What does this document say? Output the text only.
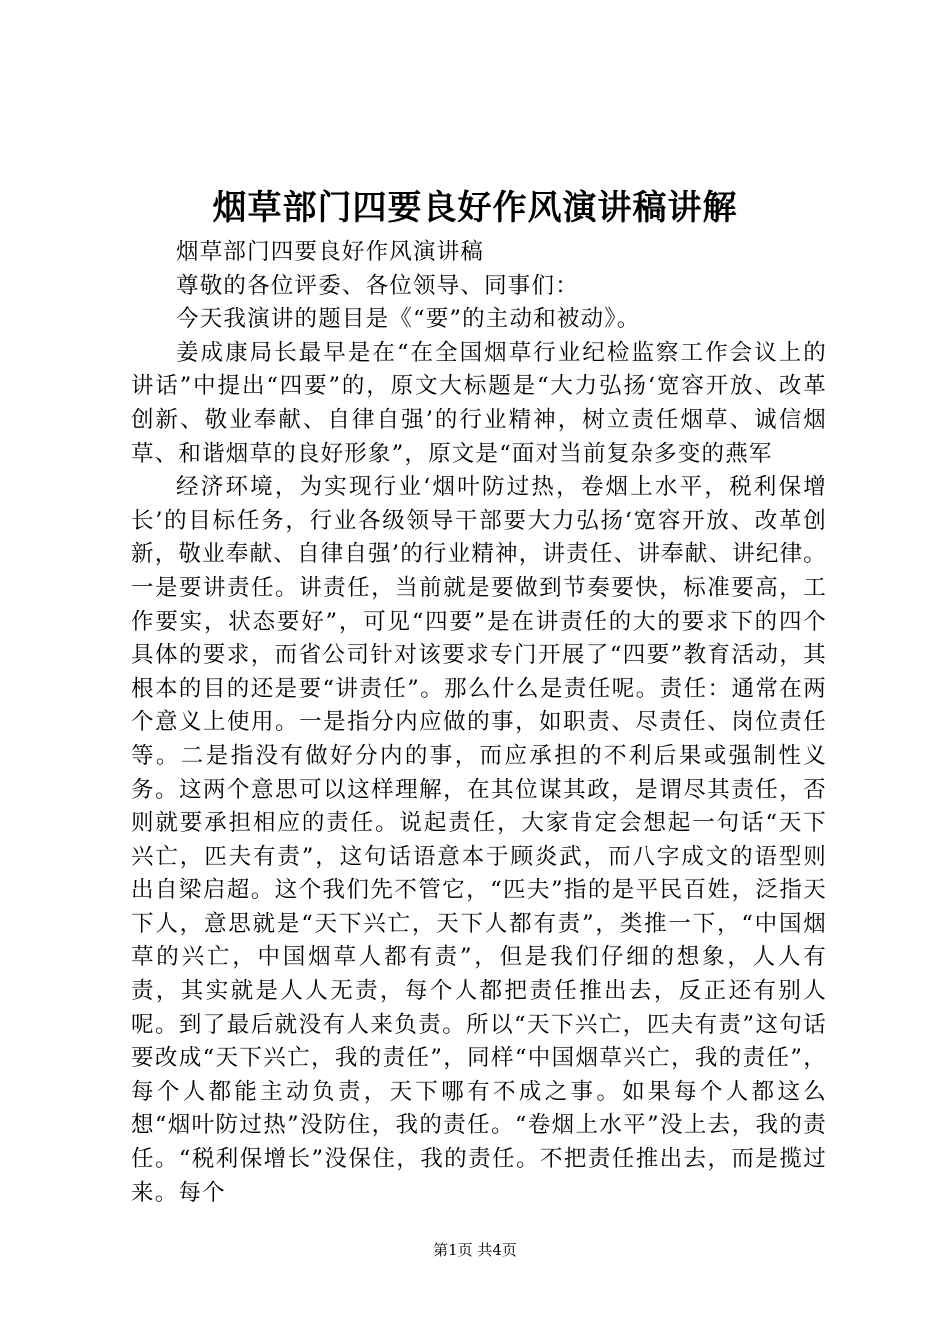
烟草部门四要良好作风演讲稿讲解

烟草部门四要良好作风演讲稿

尊敬的各位评委、各位领导、同事们：

今天我演讲的题目是《“要”的主动和被动》。

姜成康局长最早是在“在全国烟草行业纪检监察工作会议上的讲话”中提出“四要”的，原文大标题是“大力弘扬‘宽容开放、改革创新、敬业奉献、自律自强’的行业精神，树立责任烟草、诚信烟草、和谐烟草的良好形象”，原文是“面对当前复杂多变的燕军

经济环境，为实现行业‘烟叶防过热，卷烟上水平，税利保增长’的目标任务，行业各级领导干部要大力弘扬‘宽容开放、改革创新，敬业奉献、自律自强’的行业精神，讲责任、讲奉献、讲纪律。一是要讲责任。讲责任，当前就是要做到节奏要快，标准要高，工作要实，状态要好”，可见“四要”是在讲责任的大的要求下的四个具体的要求，而省公司针对该要求专门开展了“四要”教育活动，其根本的目的还是要“讲责任”。那么什么是责任呢。责任：通常在两个意义上使用。一是指分内应做的事，如职责、尽责任、岗位责任等。二是指没有做好分内的事，而应承担的不利后果或强制性义务。这两个意思可以这样理解，在其位谋其政，是谓尽其责任，否则就要承担相应的责任。说起责任，大家肯定会想起一句话“天下兴亡，匹夫有责”，这句话语意本于顾炎武，而八字成文的语型则出自梁启超。这个我们先不管它，“匹夫”指的是平民百姓，泛指天下人，意思就是“天下兴亡，天下人都有责”，类推一下，“中国烟草的兴亡，中国烟草人都有责”，但是我们仔细的想象，人人有责，其实就是人人无责，每个人都把责任推出去，反正还有别人呢。到了最后就没有人来负责。所以“天下兴亡，匹夫有责”这句话要改成“天下兴亡，我的责任”，同样“中国烟草兴亡，我的责任”，每个人都能主动负责，天下哪有不成之事。如果每个人都这么想“烟叶防过热”没防住，我的责任。“卷烟上水平”没上去，我的责任。“税利保增长”没保住，我的责任。不把责任推出去，而是揽过来。每个

第1页 共4页
